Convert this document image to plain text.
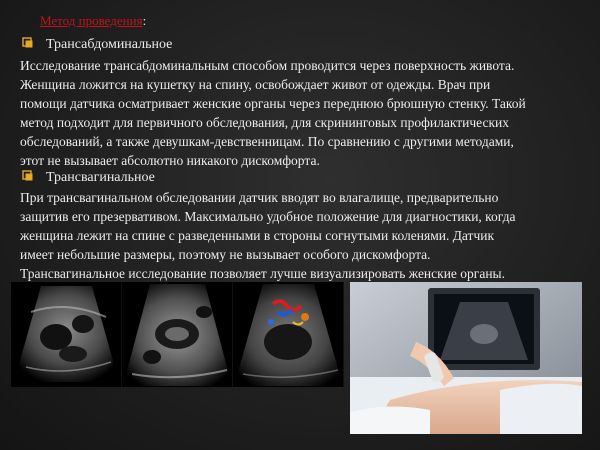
Метод проведения:
Трансабдоминальное
Исследование трансабдоминальным способом проводится через поверхность живота.
Женщина ложится на кушетку на спину, освобождает живот от одежды. Врач при
помощи датчика осматривает женские органы через переднюю брюшную стенку. Такой
метод подходит для первичного обследования, для скрининговых профилактических
обследований, а также девушкам-девственницам. По сравнению с другими методами,
этот не вызывает абсолютно никакого дискомфорта.
Трансвагинальное
При трансвагинальном обследовании датчик вводят во влагалище, предварительно
защитив его презервативом. Максимально удобное положение для диагностики, когда
женщина лежит на спине с разведенными в стороны согнутыми коленями. Датчик
имеет небольшие размеры, поэтому не вызывает особого дискомфорта.
Трансвагинальное исследование позволяет лучше визуализировать женские органы.
